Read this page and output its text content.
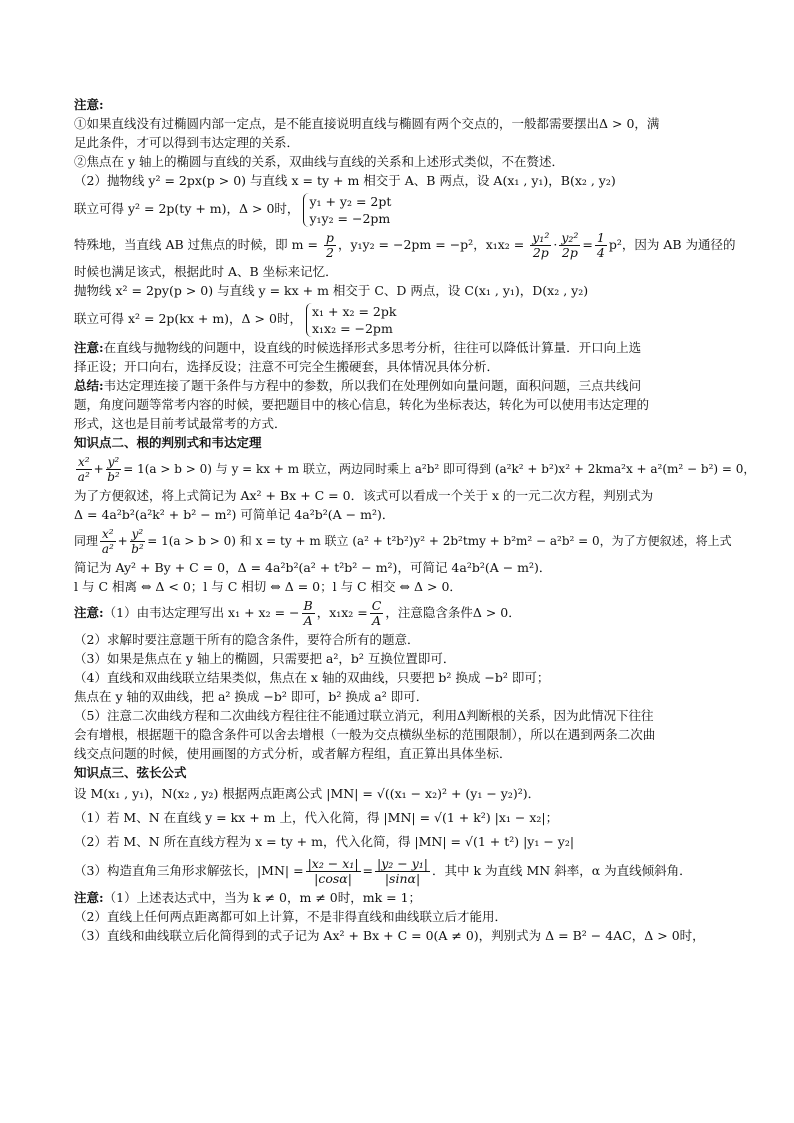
注意:
①如果直线没有过椭圆内部一定点，是不能直接说明直线与椭圆有两个交点的，一般都需要摆出Δ > 0，满
足此条件，才可以得到韦达定理的关系．
②焦点在 y 轴上的椭圆与直线的关系，双曲线与直线的关系和上述形式类似，不在赘述．
（2）抛物线 y² = 2px(p > 0) 与直线 x = ty + m 相交于 A、B 两点，设 A(x₁ , y₁)，B(x₂ , y₂)
联立可得 y² = 2p(ty + m)，Δ > 0时， y₁ + y₂ = 2pt
y₁y₂ = −2pm
特殊地，当直线 AB 过焦点的时候，即 $m = \frac{p}{2}$ ，y₁y₂ = −2pm = −p²，$x_1x_2 = \frac{\text{y₁²}}{2p} \cdot \frac{\text{y₂²}}{2p} = \frac{1}{4} p^2$，因为 AB 为通径的
时候也满足该式，根据此时 A、B 坐标来记忆．
抛物线 x² = 2py(p > 0) 与直线 y = kx + m 相交于 C、D 两点，设 C(x₁ , y₁)，D(x₂ , y₂)
联立可得 x² = 2p(kx + m)，Δ > 0时， x₁ + x₂ = 2pk
x₁x₂ = −2pm
注意:在直线与抛物线的问题中，设直线的时候选择形式多思考分析，往往可以降低计算量．开口向上选
择正设；开口向右，选择反设；注意不可完全生搬硬套，具体情况具体分析．
总结:韦达定理连接了题干条件与方程中的参数，所以我们在处理例如向量问题，面积问题，三点共线问
题，角度问题等常考内容的时候，要把题目中的核心信息，转化为坐标表达，转化为可以使用韦达定理的
形式，这也是目前考试最常考的方式．
知识点二、根的判别式和韦达定理
$\frac{\text{x²}}{\text{a²}} + \frac{\text{y²}}{\text{b²}} = 1(a > b > 0)$ 与 y = kx + m 联立，两边同时乘上 a²b² 即可得到 (a²k² + b²)x² + 2kma²x + a²(m² − b²) = 0，
为了方便叙述，将上式简记为 Ax² + Bx + C = 0．该式可以看成一个关于 x 的一元二次方程，判别式为
Δ = 4a²b²(a²k² + b² − m²) 可简单记 4a²b²(A − m²)．
同理 $\frac{\text{x²}}{\text{a²}} + \frac{\text{y²}}{\text{b²}} = 1(a > b > 0)$ 和 x = ty + m 联立 (a² + t²b²)y² + 2b²tmy + b²m² − a²b² = 0，为了方便叙述，将上式
简记为 Ay² + By + C = 0，Δ = 4a²b²(a² + t²b² − m²)，可简记 4a²b²(A − m²)．
l 与 C 相离 ⇔ Δ < 0；l 与 C 相切 ⇔ Δ = 0；l 与 C 相交 ⇔ Δ > 0．
注意:（1）由韦达定理写出 x₁ + x₂ = − $\frac{B}{A}$ ，$x_1x_2 = \frac{C}{A}$ ，注意隐含条件Δ > 0．
（2）求解时要注意题干所有的隐含条件，要符合所有的题意．
（3）如果是焦点在 y 轴上的椭圆，只需要把 a²，b² 互换位置即可．
（4）直线和双曲线联立结果类似，焦点在 x 轴的双曲线，只要把 b² 换成 −b² 即可；
焦点在 y 轴的双曲线，把 a² 换成 −b² 即可，b² 换成 a² 即可．
（5）注意二次曲线方程和二次曲线方程往往不能通过联立消元，利用Δ判断根的关系，因为此情况下往往
会有增根，根据题干的隐含条件可以舍去增根（一般为交点横纵坐标的范围限制），所以在遇到两条二次曲
线交点问题的时候，使用画图的方式分析，或者解方程组，直正算出具体坐标．
知识点三、弦长公式
设 M(x₁ , y₁)，N(x₂ , y₂) 根据两点距离公式 |MN| = √((x₁ − x₂)² + (y₁ − y₂)²)．
（1）若 M、N 在直线 y = kx + m 上，代入化简，得 |MN| = √(1 + k²) |x₁ − x₂|；
（2）若 M、N 所在直线方程为 x = ty + m，代入化简，得 |MN| = √(1 + t²) |y₁ − y₂|
（3）构造直角三角形求解弦长，$|MN| = \frac{\text{|x₂ − x₁|}}{|\cos\alpha|} = \frac{\text{|y₂ − y₁|}}{|\sin\alpha|}$ ．其中 k 为直线 MN 斜率，α 为直线倾斜角．
注意:（1）上述表达式中，当为 k ≠ 0，m ≠ 0时，mk = 1；
（2）直线上任何两点距离都可如上计算，不是非得直线和曲线联立后才能用．
（3）直线和曲线联立后化简得到的式子记为 Ax² + Bx + C = 0(A ≠ 0)，判别式为 Δ = B² − 4AC，Δ > 0时，
